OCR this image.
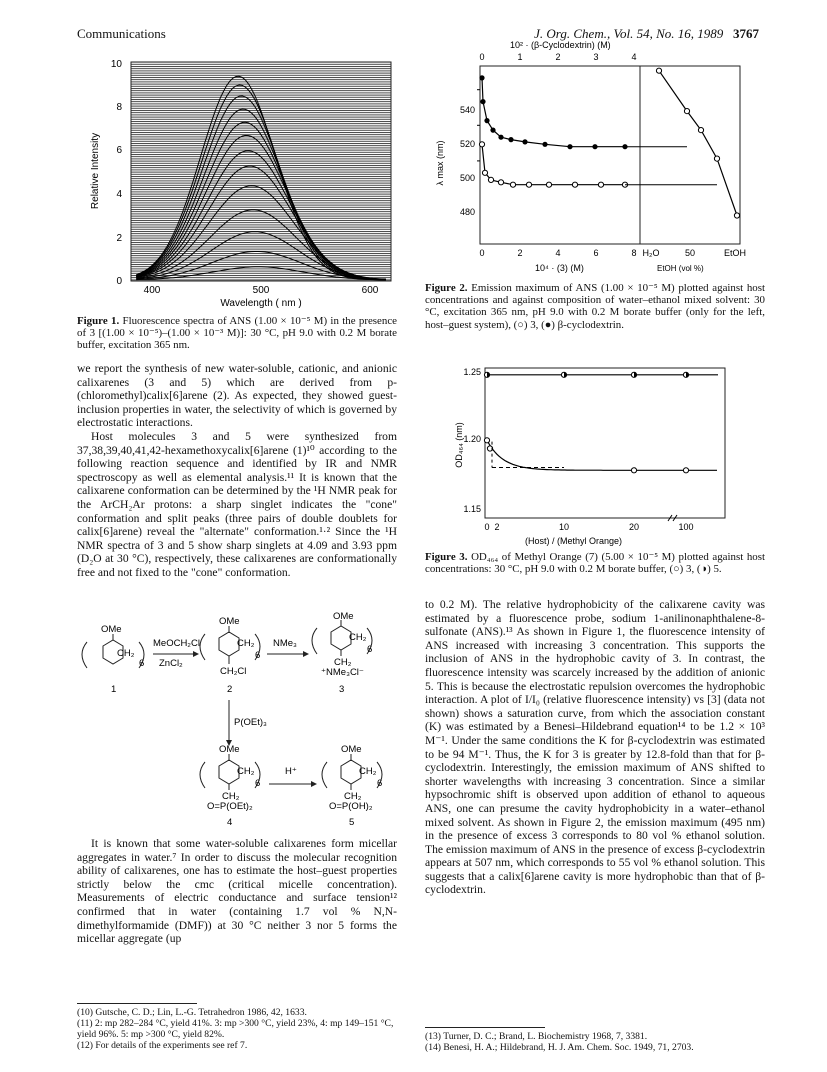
Communications	J. Org. Chem., Vol. 54, No. 16, 1989 3767
0
2
4
6
8
10
400	500	600
Wavelength ( nm )
Relative Intensity
Figure 1. Fluorescence spectra of ANS (1.00 × 10⁻⁵ M) in the presence of 3 [(1.00 × 10⁻⁵)–(1.00 × 10⁻³ M)]: 30 °C, pH 9.0 with 0.2 M borate buffer, excitation 365 nm.

we report the synthesis of new water-soluble, cationic, and anionic calixarenes (3 and 5) which are derived from p-(chloromethyl)calix[6]arene (2). As expected, they showed guest-inclusion properties in water, the selectivity of which is governed by electrostatic interactions.

Host molecules 3 and 5 were synthesized from 37,38,39,40,41,42-hexamethoxycalix[6]arene (1)¹⁰ according to the following reaction sequence and identified by IR and NMR spectroscopy as well as elemental analysis.¹¹ It is known that the calixarene conformation can be determined by the ¹H NMR peak for the ArCH₂Ar protons: a sharp singlet indicates the "cone" conformation and split peaks (three pairs of double doublets for calix[6]arene) reveal the "alternate" conformation.¹·² Since the ¹H NMR spectra of 3 and 5 show sharp singlets at 4.09 and 3.93 ppm (D₂O at 30 °C), respectively, these calixarenes are conformationally free and not fixed to the "cone" conformation.

OMe
CH₂
6
1
MeOCH₂Cl
ZnCl₂
OMe
CH₂
6
CH₂Cl
2
NMe₃
OMe
CH₂
6
CH₂
⁺NMe₃Cl⁻
3
P(OEt)₃
OMe
CH₂
6
CH₂
O=P(OEt)₂
4
H⁺
OMe
CH₂
6
CH₂
O=P(OH)₂
5

It is known that some water-soluble calixarenes form micellar aggregates in water.⁷ In order to discuss the molecular recognition ability of calixarenes, one has to estimate the host–guest properties strictly below the cmc (critical micelle concentration). Measurements of electric conductance and surface tension¹² confirmed that in water (containing 1.7 vol % N,N-dimethylformamide (DMF)) at 30 °C neither 3 nor 5 forms the micellar aggregate (up

(10) Gutsche, C. D.; Lin, L.-G. Tetrahedron 1986, 42, 1633.
(11) 2: mp 282–284 °C, yield 41%. 3: mp >300 °C, yield 23%, 4: mp 149–151 °C, yield 96%. 5: mp >300 °C, yield 82%.
(12) For details of the experiments see ref 7.
10² · (β-Cyclodextrin) (M)
0	1	2	3	4
540
520
500
480
λ max (nm)
0	2	4	6	8 H₂O	50	EtOH
10⁴ · (3) (M)	EtOH (vol %)
Figure 2. Emission maximum of ANS (1.00 × 10⁻⁵ M) plotted against host concentrations and against composition of water–ethanol mixed solvent: 30 °C, excitation 365 nm, pH 9.0 with 0.2 M borate buffer (only for the left, host–guest system), (○) 3, (●) β-cyclodextrin.
1.25
1.20
1.15
OD₄₆₄ (nm)
0 2	10	20	100
(Host) / (Methyl Orange)
Figure 3. OD₄₆₄ of Methyl Orange (7) (5.00 × 10⁻⁵ M) plotted against host concentrations: 30 °C, pH 9.0 with 0.2 M borate buffer, (○) 3, (◑) 5.

to 0.2 M). The relative hydrophobicity of the calixarene cavity was estimated by a fluorescence probe, sodium 1-anilinonaphthalene-8-sulfonate (ANS).¹³ As shown in Figure 1, the fluorescence intensity of ANS increased with increasing 3 concentration. This supports the inclusion of ANS in the hydrophobic cavity of 3. In contrast, the fluorescence intensity was scarcely increased by the addition of anionic 5. This is because the electrostatic repulsion overcomes the hydrophobic interaction. A plot of I/I₀ (relative fluorescence intensity) vs [3] (data not shown) shows a saturation curve, from which the association constant (K) was estimated by a Benesi–Hildebrand equation¹⁴ to be 1.2 × 10³ M⁻¹. Under the same conditions the K for β-cyclodextrin was estimated to be 94 M⁻¹. Thus, the K for 3 is greater by 12.8-fold than that for β-cyclodextrin. Interestingly, the emission maximum of ANS shifted to shorter wavelengths with increasing 3 concentration. Since a similar hypsochromic shift is observed upon addition of ethanol to aqueous ANS, one can presume the cavity hydrophobicity in a water–ethanol mixed solvent. As shown in Figure 2, the emission maximum (495 nm) in the presence of excess 3 corresponds to 80 vol % ethanol solution. The emission maximum of ANS in the presence of excess β-cyclodextrin appears at 507 nm, which corresponds to 55 vol % ethanol solution. This suggests that a calix[6]arene cavity is more hydrophobic than that of β-cyclodextrin.

(13) Turner, D. C.; Brand, L. Biochemistry 1968, 7, 3381.
(14) Benesi, H. A.; Hildebrand, H. J. Am. Chem. Soc. 1949, 71, 2703.
